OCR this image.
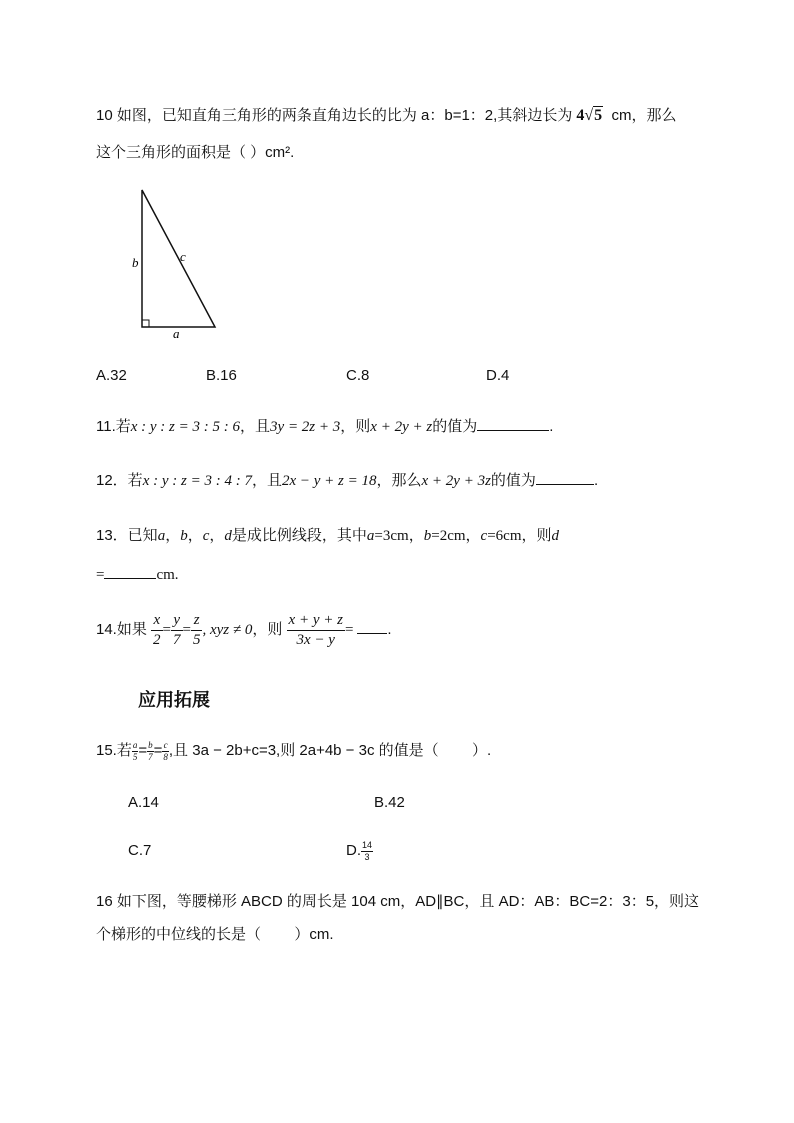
10 如图，已知直角三角形的两条直角边长的比为 a：b=1：2,其斜边长为 4√5  cm，那么
这个三角形的面积是（ ）cm².
b	c
a
A.32	B.16	C.8	D.4
11.若x : y : z = 3 : 5 : 6，且3y = 2z + 3，则x + 2y + z的值为	.
12．若x : y : z = 3 : 4 : 7，且2x − y + z = 18，那么x + 2y + 3z的值为	.
13．已知a，b，c，d是成比例线段，其中a=3cm，b=2cm，c=6cm，则d
=	cm.
14.如果 $\frac{x}{2} = \frac{y}{7} = \frac{z}{5}$ , xyz ≠ 0，则 $\frac{x + y + z}{3x - y}$ = .
应用拓展
15.若 $\frac{a}{5} = \frac{b}{7} = \frac{c}{8}$ ,且 3a − 2b+c=3,则 2a+4b − 3c 的值是（        ）.
A.14	B.42
C.7	D. $\frac{14}{3}$
16 如下图，等腰梯形 ABCD 的周长是 104 cm，AD∥BC，且 AD：AB：BC=2：3：5，则这
个梯形的中位线的长是（        ）cm.
